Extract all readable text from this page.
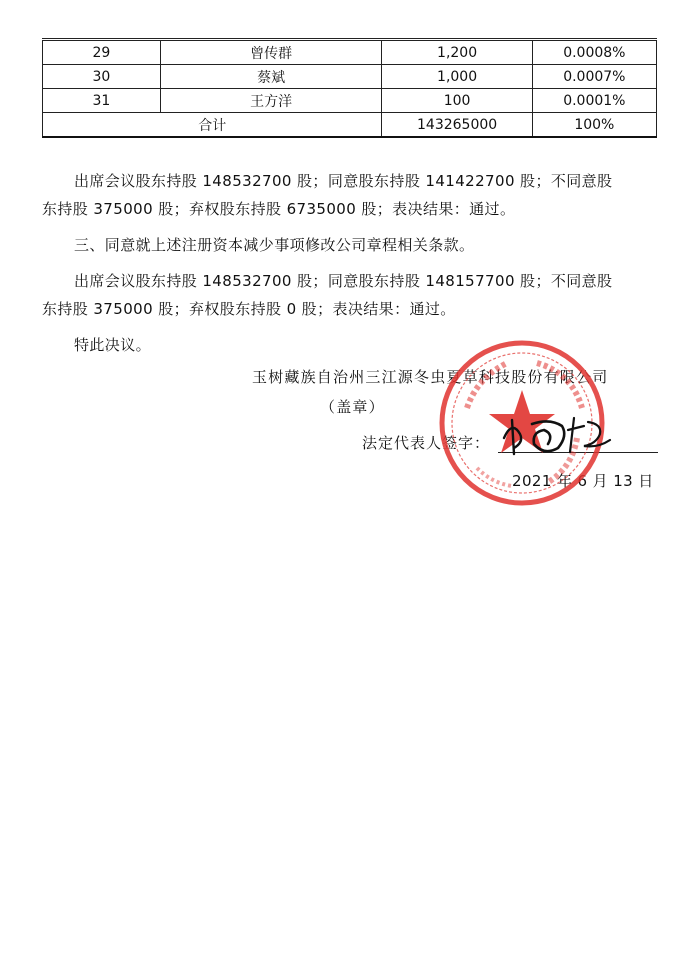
29	曾传群	1,200	0.0008%
30	蔡斌	1,000	0.0007%
31	王方洋	100	0.0001%
合计		143265000	100%
出席会议股东持股 148532700 股；同意股东持股 141422700 股；不同意股
东持股 375000 股；弃权股东持股 6735000 股；表决结果：通过。
三、同意就上述注册资本减少事项修改公司章程相关条款。
出席会议股东持股 148532700 股；同意股东持股 148157700 股；不同意股
东持股 375000 股；弃权股东持股 0 股；表决结果：通过。
特此决议。
玉树藏族自治州三江源冬虫夏草科技股份有限公司
（盖章）
法定代表人签字：
2021 年 6 月 13 日
